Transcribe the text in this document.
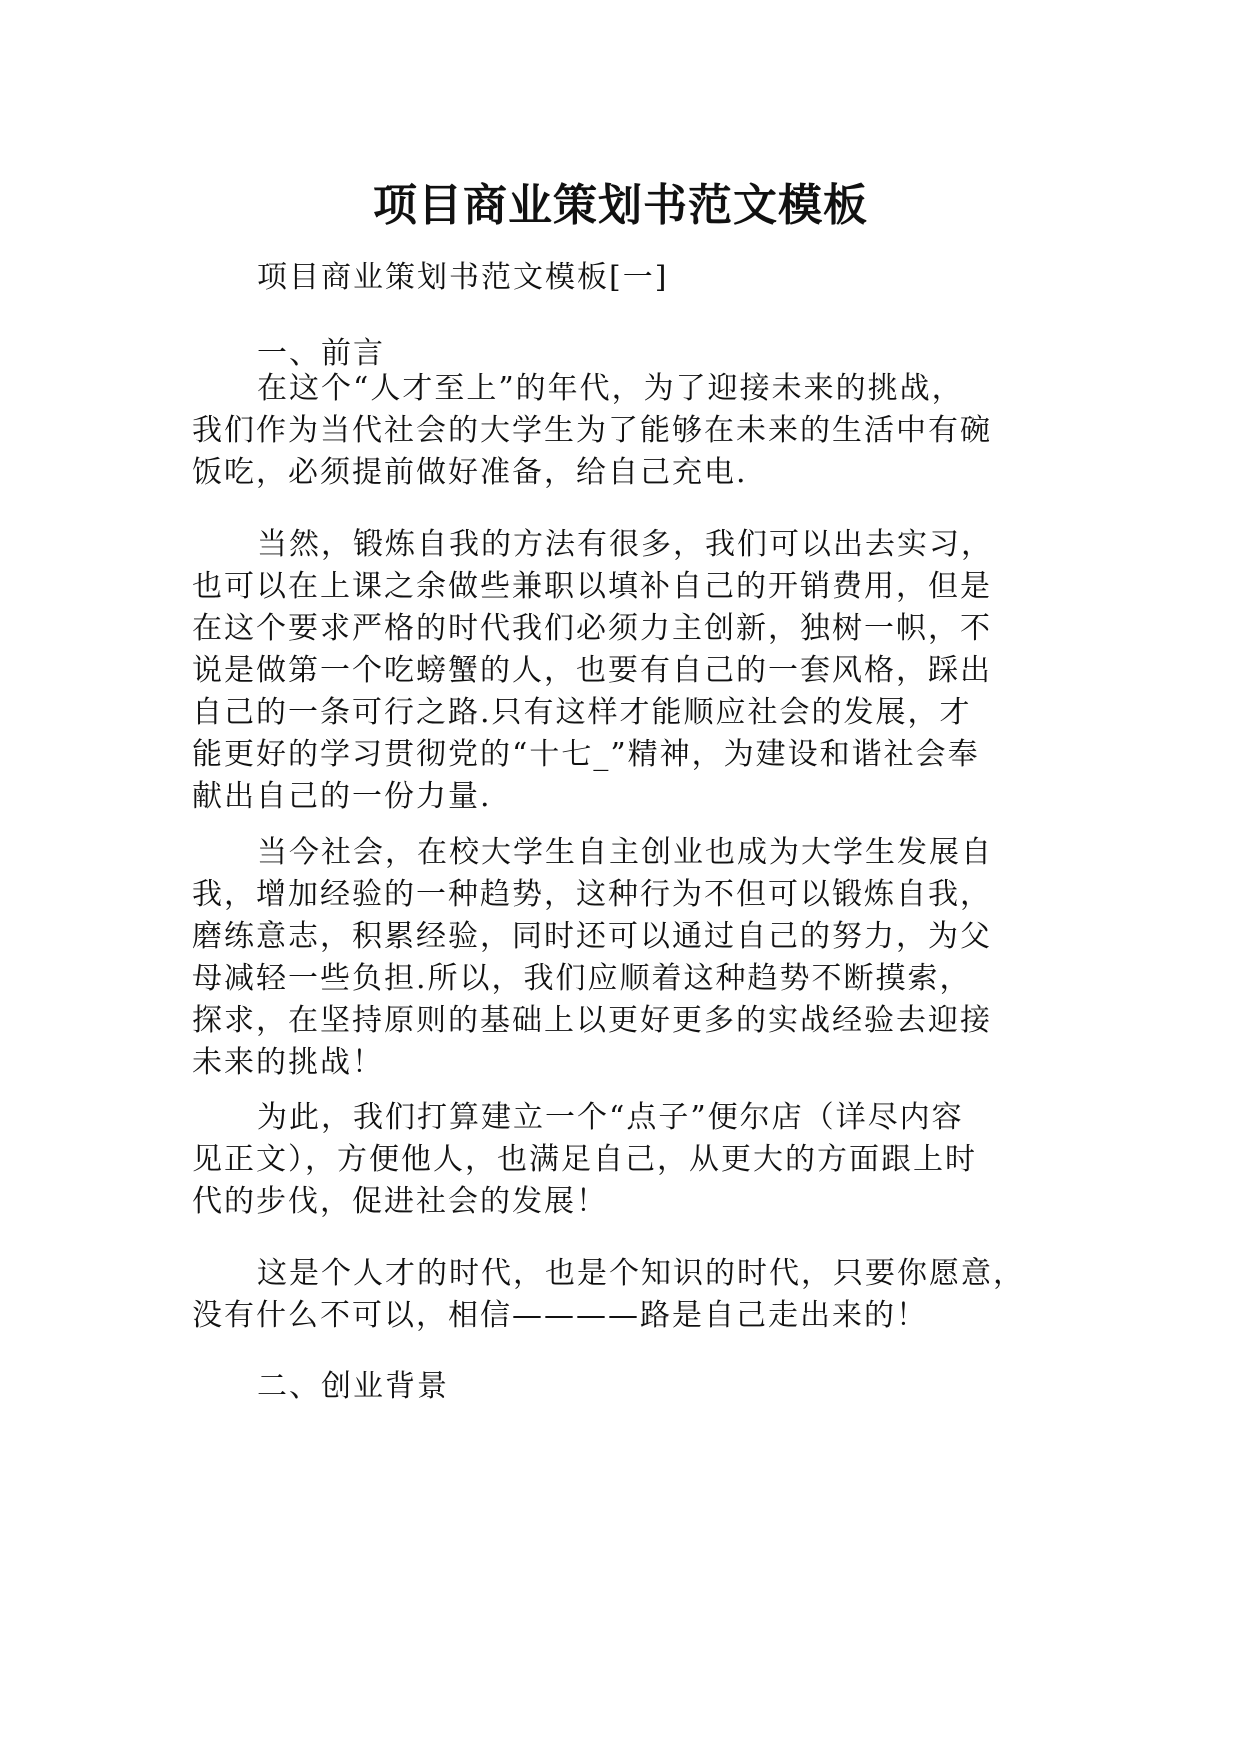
项目商业策划书范文模板
项目商业策划书范文模板[一]
一、前言
在这个“人才至上”的年代，为了迎接未来的挑战，
我们作为当代社会的大学生为了能够在未来的生活中有碗
饭吃，必须提前做好准备，给自己充电.
当然，锻炼自我的方法有很多，我们可以出去实习，
也可以在上课之余做些兼职以填补自己的开销费用，但是
在这个要求严格的时代我们必须力主创新，独树一帜，不
说是做第一个吃螃蟹的人，也要有自己的一套风格，踩出
自己的一条可行之路.只有这样才能顺应社会的发展，才
能更好的学习贯彻党的“十七_”精神，为建设和谐社会奉
献出自己的一份力量.
当今社会，在校大学生自主创业也成为大学生发展自
我，增加经验的一种趋势，这种行为不但可以锻炼自我，
磨练意志，积累经验，同时还可以通过自己的努力，为父
母减轻一些负担.所以，我们应顺着这种趋势不断摸索，
探求，在坚持原则的基础上以更好更多的实战经验去迎接
未来的挑战！
为此，我们打算建立一个“点子”便尔店（详尽内容
见正文），方便他人，也满足自己，从更大的方面跟上时
代的步伐，促进社会的发展！
这是个人才的时代，也是个知识的时代，只要你愿意，
没有什么不可以，相信————路是自己走出来的！
二、创业背景
